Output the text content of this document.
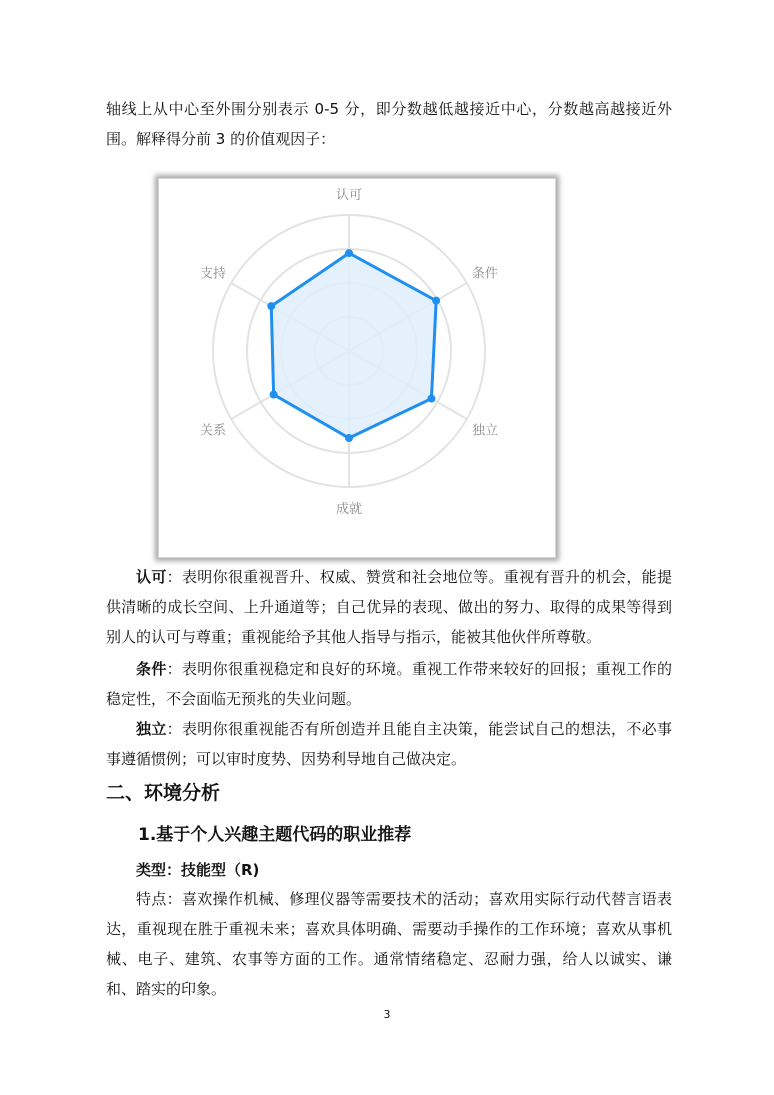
轴线上从中心至外围分别表示 0-5 分，即分数越低越接近中心，分数越高越接近外围。 解释得分前 3 的价值观因子：

认可
条件
独立
成就
关系
支持

认可：表明你很重视晋升、权威、赞赏和社会地位等。重视有晋升的机会，能提供清晰的成长空间、上升通道等；自己优异的表现、做出的努力、取得的成果等得到别人的认可与尊重；重视能给予其他人指导与指示，能被其他伙伴所尊敬。

条件：表明你很重视稳定和良好的环境。重视工作带来较好的回报；重视工作的稳定性，不会面临无预兆的失业问题。

独立：表明你很重视能否有所创造并且能自主决策，能尝试自己的想法，不必事事遵循惯例；可以审时度势、因势利导地自己做决定。

二、环境分析
1.基于个人兴趣主题代码的职业推荐

类型：技能型（R)

特点：喜欢操作机械、修理仪器等需要技术的活动；喜欢用实际行动代替言语表达，重视现在胜于重视未来；喜欢具体明确、需要动手操作的工作环境；喜欢从事机械、电子、建筑、农事等方面的工作。通常情绪稳定、忍耐力强，给人以诚实、谦和、踏实的印象。

3
